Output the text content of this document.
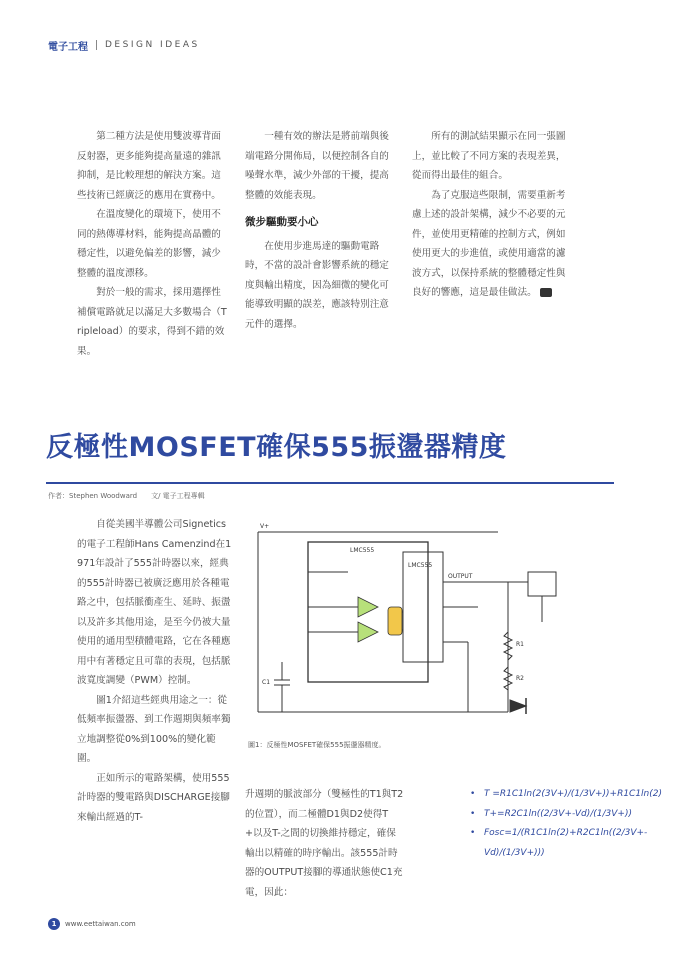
電子工程 DESIGN IDEAS

第二種方法是使用雙波導背面反射器，更多能夠提高量遠的雜訊抑制，是比較理想的解決方案。這些技術已經廣泛的應用在實務中。

在溫度變化的環境下，使用不同的熱傳導材料，能夠提高晶體的穩定性，以避免偏差的影響，減少整體的溫度漂移。

對於一般的需求，採用選擇性補償電路就足以滿足大多數場合（Tripleload）的要求，得到不錯的效果。

一種有效的辦法是將前端與後端電路分開佈局，以便控制各自的噪聲水準，減少外部的干擾，提高整體的效能表現。

微步驅動要小心

在使用步進馬達的驅動電路時，不當的設計會影響系統的穩定度與輸出精度，因為細微的變化可能導致明顯的誤差，應該特別注意元件的選擇。

所有的測試結果顯示在同一張圖上，並比較了不同方案的表現差異，從而得出最佳的組合。

為了克服這些限制，需要重新考慮上述的設計架構，減少不必要的元件，並使用更精確的控制方式，例如使用更大的步進值，或使用適當的濾波方式，以保持系統的整體穩定性與良好的響應，這是最佳做法。

反極性MOSFET確保555振盪器精度
作者：Stephen Woodward　　文/ 電子工程專輯

自從美國半導體公司Signetics的電子工程師Hans Camenzind在1971年設計了555計時器以來，經典的555計時器已被廣泛應用於各種電路之中，包括脈衝產生、延時、振盪以及許多其他用途，是至今仍被大量使用的通用型積體電路，它在各種應用中有著穩定且可靠的表現，包括脈波寬度調變（PWM）控制。

圖1介紹這些經典用途之一：從低頻率振盪器、到工作週期與頻率獨立地調整從0%到100%的變化範圍。

正如所示的電路架構，使用555計時器的雙電路與DISCHARGE接腳來輸出經過的T-

LMC555
LMC555
V+
OUTPUT
R1
R2
C1
圖1：反極性MOSFET確保555振盪器精度。

升週期的脈波部分（雙極性的T1與T2的位置），而二極體D1與D2使得T+以及T-之間的切換維持穩定，確保輸出以精確的時序輸出。該555計時器的OUTPUT接腳的導通狀態使C1充電，因此：

• T =R1C1ln(2(3V+)/(1/3V+))+R1C1ln(2)
• T+=R2C1ln((2/3V+-Vd)/(1/3V+))
• Fosc=1/(R1C1ln(2)+R2C1ln((2/3V+-Vd)/(1/3V+)))
1	www.eettaiwan.com
